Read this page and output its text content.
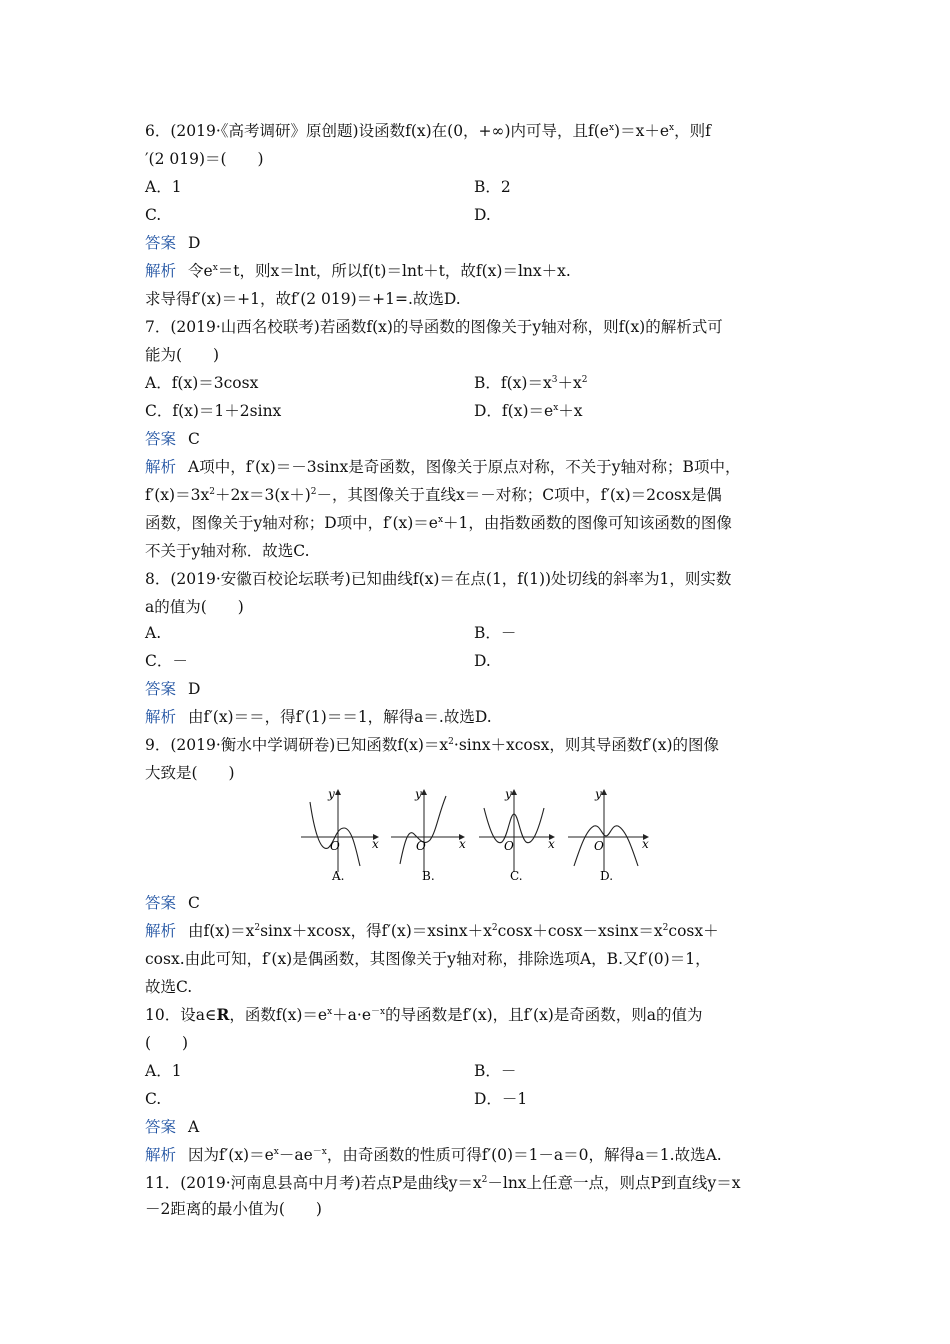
6．(2019·《高考调研》原创题)设函数f(x)在(0，+∞)内可导，且$f(e^x)=x+e^x$，则f
′(2 019)＝(　　)
A．1	B．2
C.	D.
答案 D
解析 令$e^x=t$，则x＝lnt，所以f(t)＝lnt＋t，故f(x)＝lnx＋x.
求导得f′(x)＝+1，故f′(2 019)＝+1=.故选D.
7．(2019·山西名校联考)若函数f(x)的导函数的图像关于y轴对称，则f(x)的解析式可
能为(　　)
A．f(x)＝3cosx	B．$f(x)=x^3+x^2$
C．f(x)＝1＋2sinx	D．$f(x)=e^x+x$
答案 C
解析 A项中，f′(x)＝－3sinx是奇函数，图像关于原点对称，不关于y轴对称；B项中，
$f'(x)=3x^2+2x=3(x+)^2-$，其图像关于直线x＝－对称；C项中，f′(x)＝2cosx是偶
函数，图像关于y轴对称；D项中，$f'(x)=e^x+1$，由指数函数的图像可知该函数的图像
不关于y轴对称．故选C.
8．(2019·安徽百校论坛联考)已知曲线f(x)＝在点(1，f(1))处切线的斜率为1，则实数
a的值为(　　)
A.	B．－
C．－	D.
答案 D
解析 由f′(x)＝＝，得f′(1)＝＝1，解得a＝.故选D.
9．(2019·衡水中学调研卷)已知函数$f(x)=x^2\cdot\sin x+xcosx$，则其导函数f′(x)的图像
大致是(　　)
y
x
O
A.
y
x
O
B.
y
x
O
C.
y
x
O
D.
答案 C
解析 由$f(x)=x^2\sin x+xcosx$，得$f'(x)=xsinx+x^2\cos x+\cos x-xsinx=x^2\cos x+$
cosx.由此可知，f′(x)是偶函数，其图像关于y轴对称，排除选项A，B.又f′(0)＝1，
故选C.
10．设a∈R，函数$f(x)=e^x+a\cdot e^{-x}$的导函数是f′(x)，且f′(x)是奇函数，则a的值为
(　　)
A．1	B．－
C.	D．－1
答案 A
解析 因为$f'(x)=e^x-ae^{-x}$，由奇函数的性质可得f′(0)＝1－a＝0，解得a＝1.故选A.
11．(2019·河南息县高中月考)若点P是曲线$y=x^2-\ln x$上任意一点，则点P到直线y＝x
－2距离的最小值为(　　)
